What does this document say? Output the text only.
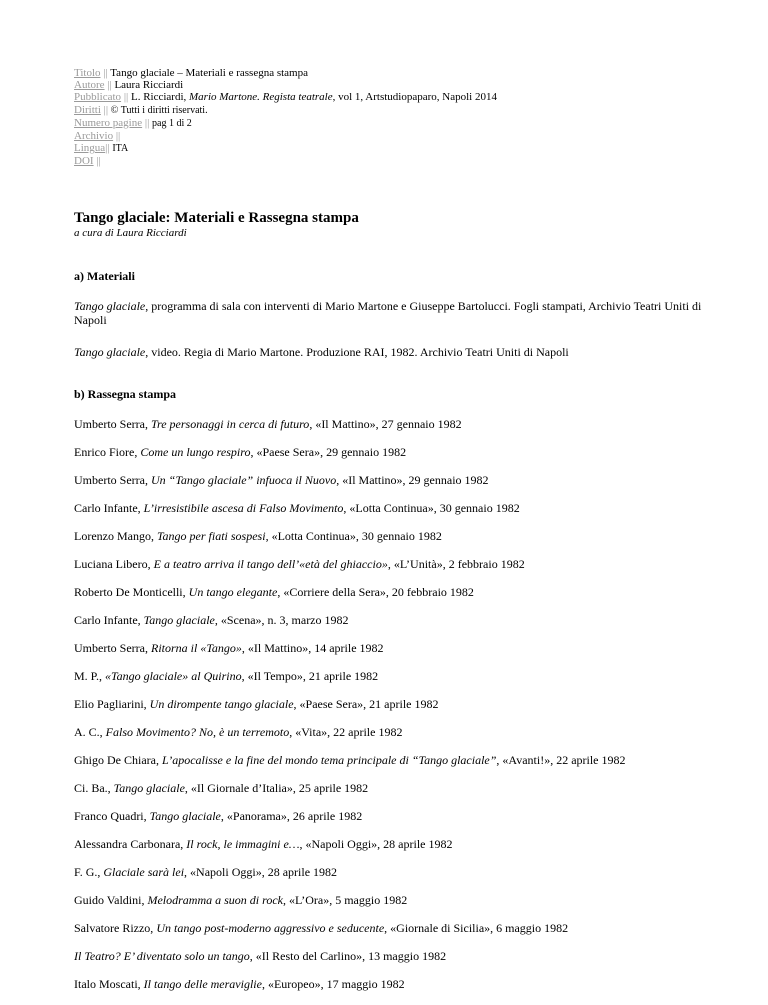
Titolo || Tango glaciale – Materiali e rassegna stampa
Autore || Laura Ricciardi
Pubblicato || L. Ricciardi, Mario Martone. Regista teatrale, vol 1, Artstudiopaparo, Napoli 2014
Diritti || © Tutti i diritti riservati.
Numero pagine || pag 1 di 2
Archivio ||
Lingua|| ITA
DOI ||
Tango glaciale: Materiali e Rassegna stampa
a cura di Laura Ricciardi
a) Materiali
Tango glaciale, programma di sala con interventi di Mario Martone e Giuseppe Bartolucci. Fogli stampati, Archivio Teatri Uniti di Napoli
Tango glaciale, video. Regia di Mario Martone. Produzione RAI, 1982. Archivio Teatri Uniti di Napoli
b) Rassegna stampa
Umberto Serra, Tre personaggi in cerca di futuro, «Il Mattino», 27 gennaio 1982
Enrico Fiore, Come un lungo respiro, «Paese Sera», 29 gennaio 1982
Umberto Serra, Un “Tango glaciale” infuoca il Nuovo, «Il Mattino», 29 gennaio 1982
Carlo Infante, L’irresistibile ascesa di Falso Movimento, «Lotta Continua», 30 gennaio 1982
Lorenzo Mango, Tango per fiati sospesi, «Lotta Continua», 30 gennaio 1982
Luciana Libero, E a teatro arriva il tango dell’«età del ghiaccio», «L’Unità», 2 febbraio 1982
Roberto De Monticelli, Un tango elegante, «Corriere della Sera», 20 febbraio 1982
Carlo Infante, Tango glaciale, «Scena», n. 3, marzo 1982
Umberto Serra, Ritorna il «Tango», «Il Mattino», 14 aprile 1982
M. P., «Tango glaciale» al Quirino, «Il Tempo», 21 aprile 1982
Elio Pagliarini, Un dirompente tango glaciale, «Paese Sera», 21 aprile 1982
A. C., Falso Movimento? No, è un terremoto, «Vita», 22 aprile 1982
Ghigo De Chiara, L’apocalisse e la fine del mondo tema principale di “Tango glaciale”, «Avanti!», 22 aprile 1982
Ci. Ba., Tango glaciale, «Il Giornale d’Italia», 25 aprile 1982
Franco Quadri, Tango glaciale, «Panorama», 26 aprile 1982
Alessandra Carbonara, Il rock, le immagini e…, «Napoli Oggi», 28 aprile 1982
F. G., Glaciale sarà lei, «Napoli Oggi», 28 aprile 1982
Guido Valdini, Melodramma a suon di rock, «L’Ora», 5 maggio 1982
Salvatore Rizzo, Un tango post-moderno aggressivo e seducente, «Giornale di Sicilia», 6 maggio 1982
Il Teatro? E’ diventato solo un tango, «Il Resto del Carlino», 13 maggio 1982
Italo Moscati, Il tango delle meraviglie, «Europeo», 17 maggio 1982
